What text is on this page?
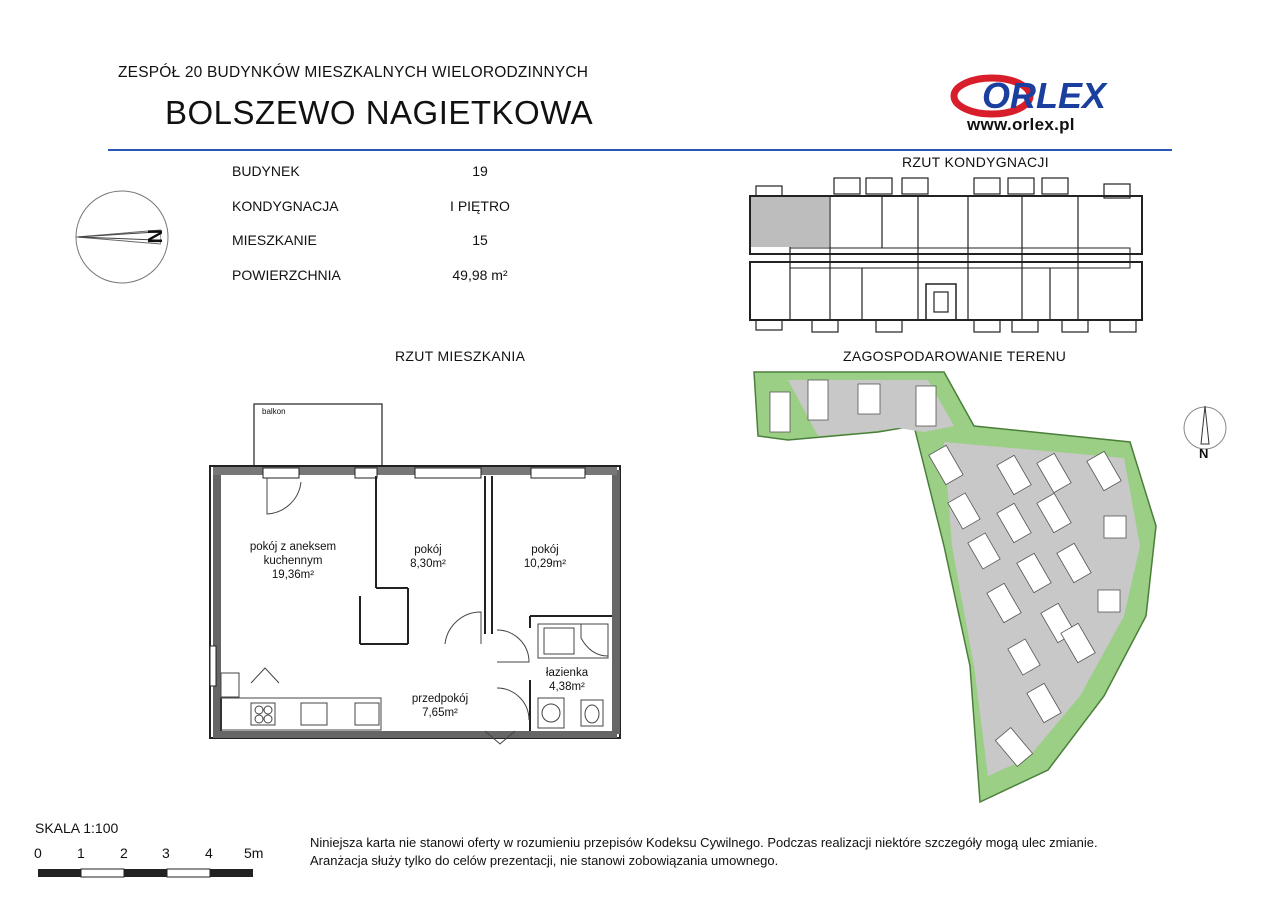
ZESPÓŁ 20 BUDYNKÓW MIESZKALNYCH WIELORODZINNYCH
BOLSZEWO NAGIETKOWA	ORLEX
www.orlex.pl
N
BUDYNEK	19
KONDYGNACJA	I PIĘTRO
MIESZKANIE	15
POWIERZCHNIA	49,98 m²
RZUT KONDYGNACJI
RZUT MIESZKANIA	ZAGOSPODAROWANIE TERENU
balkon
pokój z aneksem kuchennym
19,36m²
pokój
8,30m²
pokój
10,29m²
łazienka
4,38m²
przedpokój
7,65m²
N
SKALA 1:100
0	1	2 3	4 5m
Niniejsza karta nie stanowi oferty w rozumieniu przepisów Kodeksu Cywilnego. Podczas realizacji niektóre szczegóły mogą ulec zmianie.
Aranżacja służy tylko do celów prezentacji, nie stanowi zobowiązania umownego.
